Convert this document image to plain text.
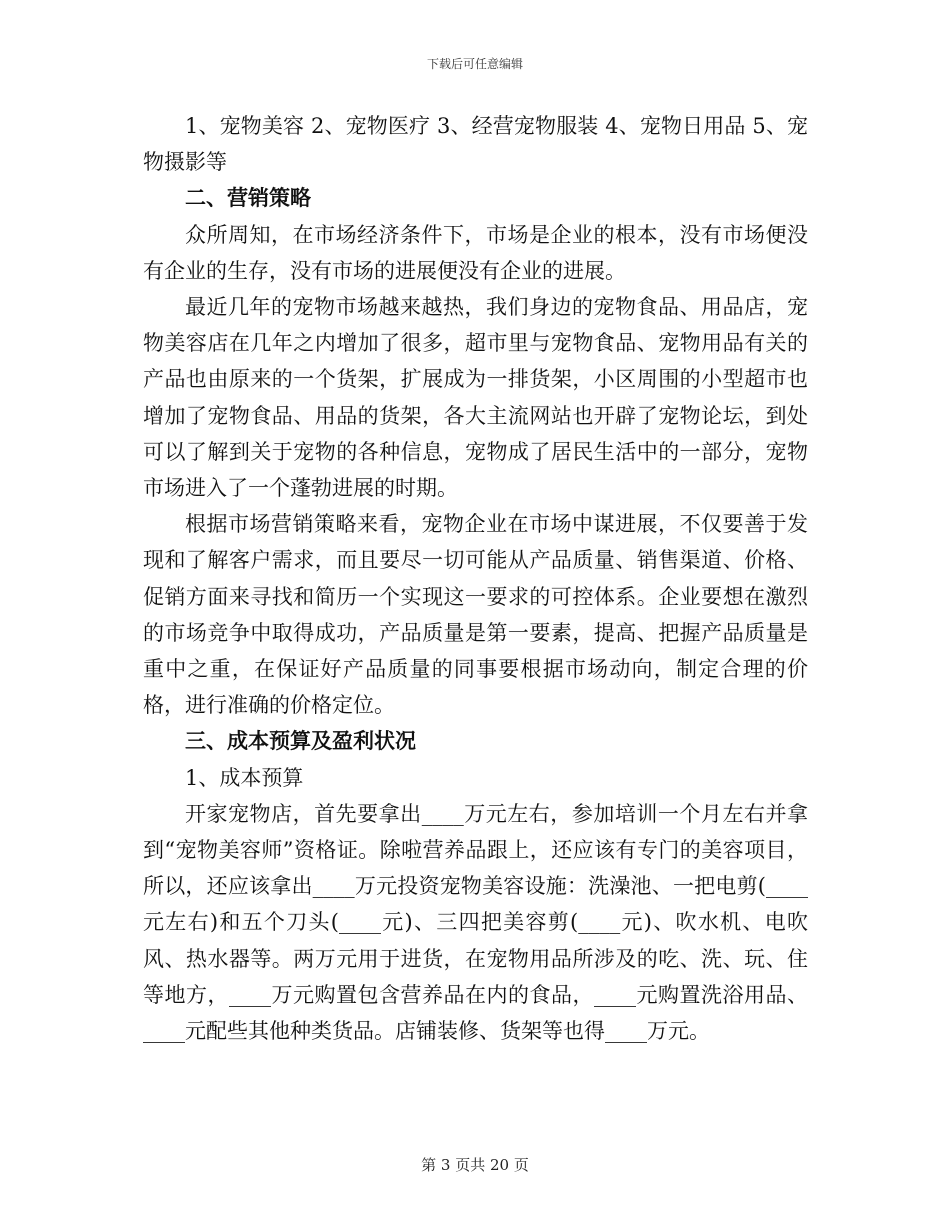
下载后可任意编辑

1、宠物美容 2、宠物医疗 3、经营宠物服装 4、宠物日用品 5、宠物摄影等

二、营销策略

众所周知，在市场经济条件下，市场是企业的根本，没有市场便没有企业的生存，没有市场的进展便没有企业的进展。

最近几年的宠物市场越来越热，我们身边的宠物食品、用品店，宠物美容店在几年之内增加了很多，超市里与宠物食品、宠物用品有关的产品也由原来的一个货架，扩展成为一排货架，小区周围的小型超市也增加了宠物食品、用品的货架，各大主流网站也开辟了宠物论坛，到处可以了解到关于宠物的各种信息，宠物成了居民生活中的一部分，宠物市场进入了一个蓬勃进展的时期。

根据市场营销策略来看，宠物企业在市场中谋进展，不仅要善于发现和了解客户需求，而且要尽一切可能从产品质量、销售渠道、价格、促销方面来寻找和简历一个实现这一要求的可控体系。企业要想在激烈的市场竞争中取得成功，产品质量是第一要素，提高、把握产品质量是重中之重，在保证好产品质量的同事要根据市场动向，制定合理的价格，进行准确的价格定位。

三、成本预算及盈利状况

1、成本预算

开家宠物店，首先要拿出____万元左右，参加培训一个月左右并拿到“宠物美容师”资格证。除啦营养品跟上，还应该有专门的美容项目，所以，还应该拿出____万元投资宠物美容设施：洗澡池、一把电剪(____元左右)和五个刀头(____元)、三四把美容剪(____元)、吹水机、电吹风、热水器等。两万元用于进货，在宠物用品所涉及的吃、洗、玩、住等地方，____万元购置包含营养品在内的食品，____元购置洗浴用品、____元配些其他种类货品。店铺装修、货架等也得____万元。

第 3 页共 20 页
